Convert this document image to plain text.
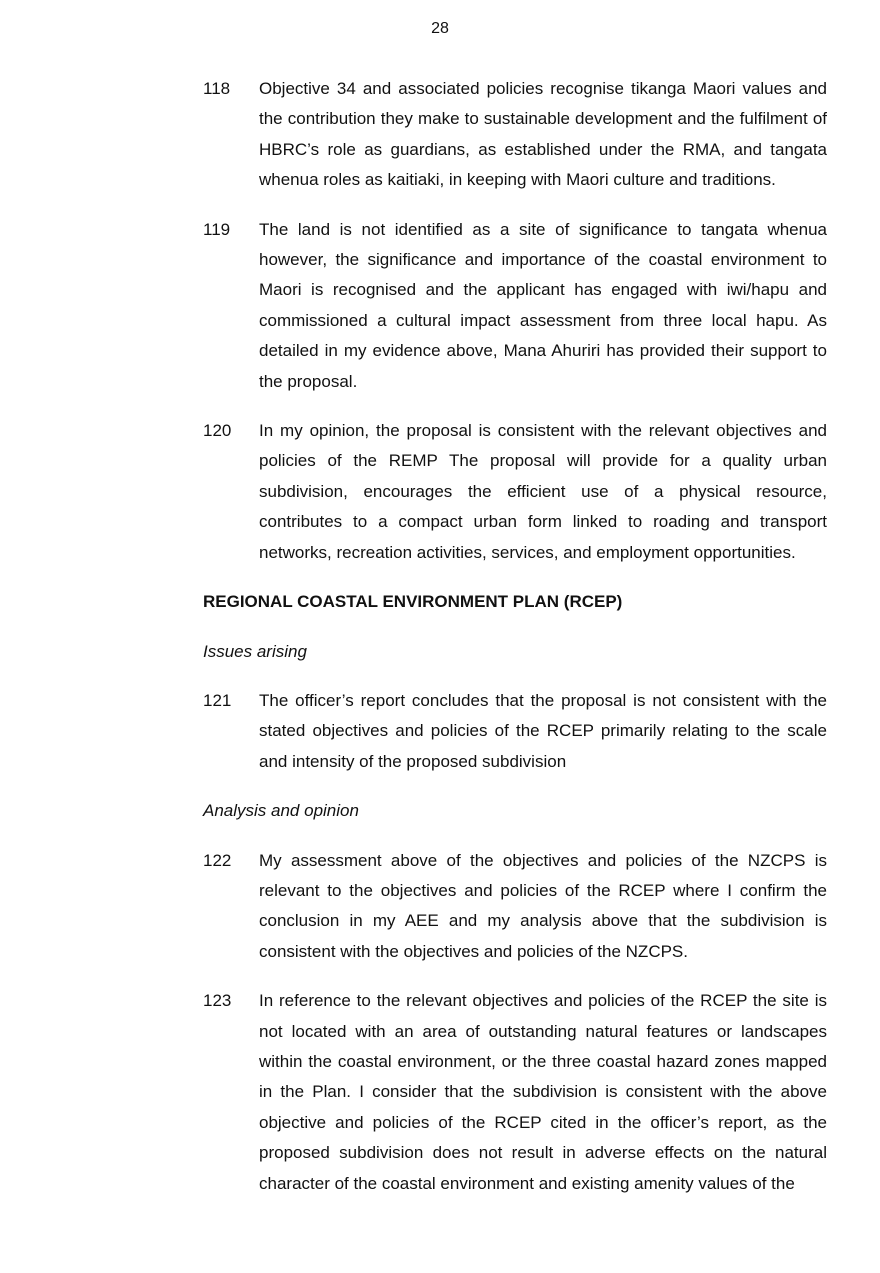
28
118	Objective 34 and associated policies recognise tikanga Maori values and the contribution they make to sustainable development and the fulfilment of HBRC’s role as guardians, as established under the RMA, and tangata whenua roles as kaitiaki, in keeping with Maori culture and traditions.
119	The land is not identified as a site of significance to tangata whenua however, the significance and importance of the coastal environment to Maori is recognised and the applicant has engaged with iwi/hapu and commissioned a cultural impact assessment from three local hapu. As detailed in my evidence above, Mana Ahuriri has provided their support to the proposal.
120	In my opinion, the proposal is consistent with the relevant objectives and policies of the REMP The proposal will provide for a quality urban subdivision, encourages the efficient use of a physical resource, contributes to a compact urban form linked to roading and transport networks, recreation activities, services, and employment opportunities.
REGIONAL COASTAL ENVIRONMENT PLAN (RCEP)
Issues arising
121	The officer’s report concludes that the proposal is not consistent with the stated objectives and policies of the RCEP primarily relating to the scale and intensity of the proposed subdivision
Analysis and opinion
122	My assessment above of the objectives and policies of the NZCPS is relevant to the objectives and policies of the RCEP where I confirm the conclusion in my AEE and my analysis above that the subdivision is consistent with the objectives and policies of the NZCPS.
123	In reference to the relevant objectives and policies of the RCEP the site is not located with an area of outstanding natural features or landscapes within the coastal environment, or the three coastal hazard zones mapped in the Plan. I consider that the subdivision is consistent with the above objective and policies of the RCEP cited in the officer’s report, as the proposed subdivision does not result in adverse effects on the natural character of the coastal environment and existing amenity values of the
